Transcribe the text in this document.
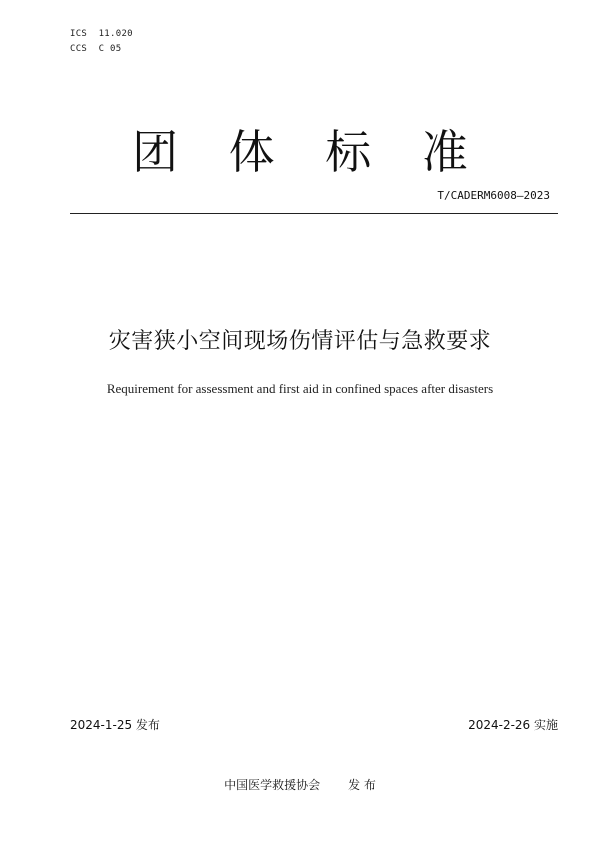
ICS  11.020
CCS  C 05
团 体 标 准
T/CADERM6008—2023
灾害狭小空间现场伤情评估与急救要求
Requirement for assessment and first aid in confined spaces after disasters
2024-1-25 发布	2024-2-26 实施
中国医学救援协会 发 布
